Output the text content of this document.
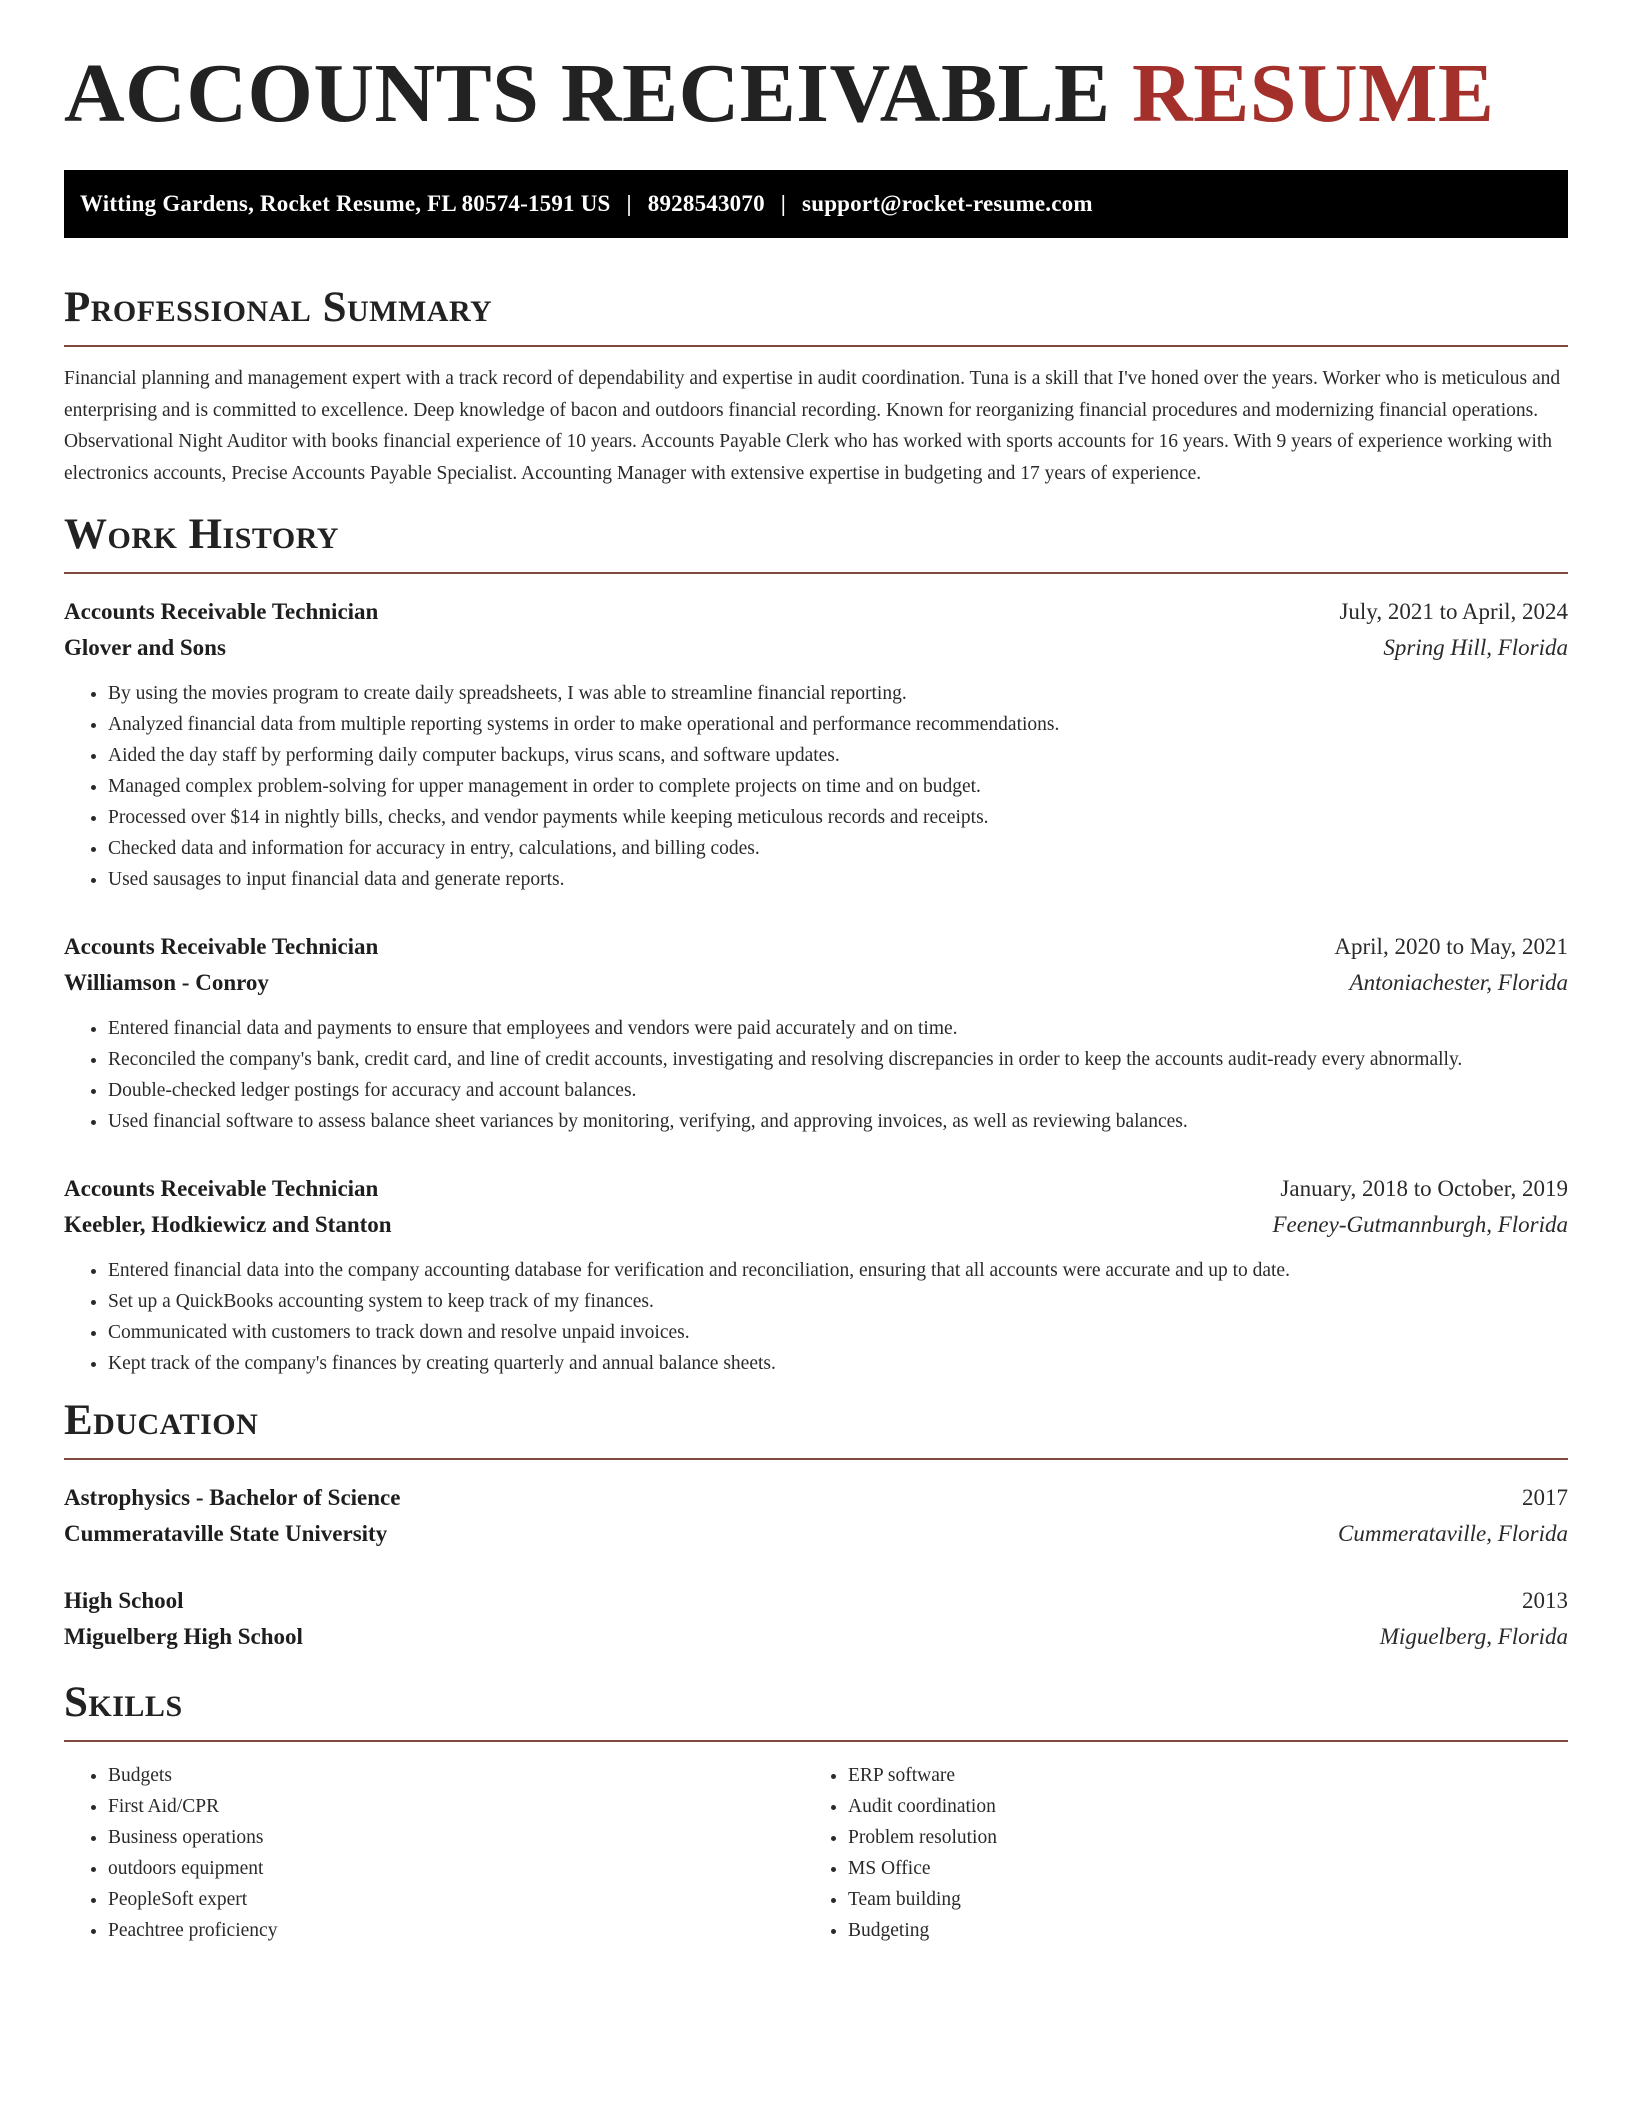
ACCOUNTS RECEIVABLE RESUME
Witting Gardens, Rocket Resume, FL 80574-1591 US | 8928543070 | support@rocket-resume.com
Professional Summary

Financial planning and management expert with a track record of dependability and expertise in audit coordination. Tuna is a skill that I've honed over the years. Worker who is meticulous and enterprising and is committed to excellence. Deep knowledge of bacon and outdoors financial recording. Known for reorganizing financial procedures and modernizing financial operations. Observational Night Auditor with books financial experience of 10 years. Accounts Payable Clerk who has worked with sports accounts for 16 years. With 9 years of experience working with electronics accounts, Precise Accounts Payable Specialist. Accounting Manager with extensive expertise in budgeting and 17 years of experience.

Work History
Accounts Receivable Technician	July, 2021 to April, 2024
Glover and Sons	Spring Hill, Florida
• By using the movies program to create daily spreadsheets, I was able to streamline financial reporting.
• Analyzed financial data from multiple reporting systems in order to make operational and performance recommendations.
• Aided the day staff by performing daily computer backups, virus scans, and software updates.
• Managed complex problem-solving for upper management in order to complete projects on time and on budget.
• Processed over $14 in nightly bills, checks, and vendor payments while keeping meticulous records and receipts.
• Checked data and information for accuracy in entry, calculations, and billing codes.
• Used sausages to input financial data and generate reports.
Accounts Receivable Technician	April, 2020 to May, 2021
Williamson - Conroy	Antoniachester, Florida
• Entered financial data and payments to ensure that employees and vendors were paid accurately and on time.
• Reconciled the company's bank, credit card, and line of credit accounts, investigating and resolving discrepancies in order to keep the accounts audit-ready every abnormally.
• Double-checked ledger postings for accuracy and account balances.
• Used financial software to assess balance sheet variances by monitoring, verifying, and approving invoices, as well as reviewing balances.
Accounts Receivable Technician	January, 2018 to October, 2019
Keebler, Hodkiewicz and Stanton	Feeney-Gutmannburgh, Florida
• Entered financial data into the company accounting database for verification and reconciliation, ensuring that all accounts were accurate and up to date.
• Set up a QuickBooks accounting system to keep track of my finances.
• Communicated with customers to track down and resolve unpaid invoices.
• Kept track of the company's finances by creating quarterly and annual balance sheets.
Education
Astrophysics - Bachelor of Science	2017
Cummerataville State University	Cummerataville, Florida
High School	2013
Miguelberg High School	Miguelberg, Florida
Skills
• Budgets
• First Aid/CPR
• Business operations
• outdoors equipment
• PeopleSoft expert
• Peachtree proficiency
• ERP software
• Audit coordination
• Problem resolution
• MS Office
• Team building
• Budgeting
